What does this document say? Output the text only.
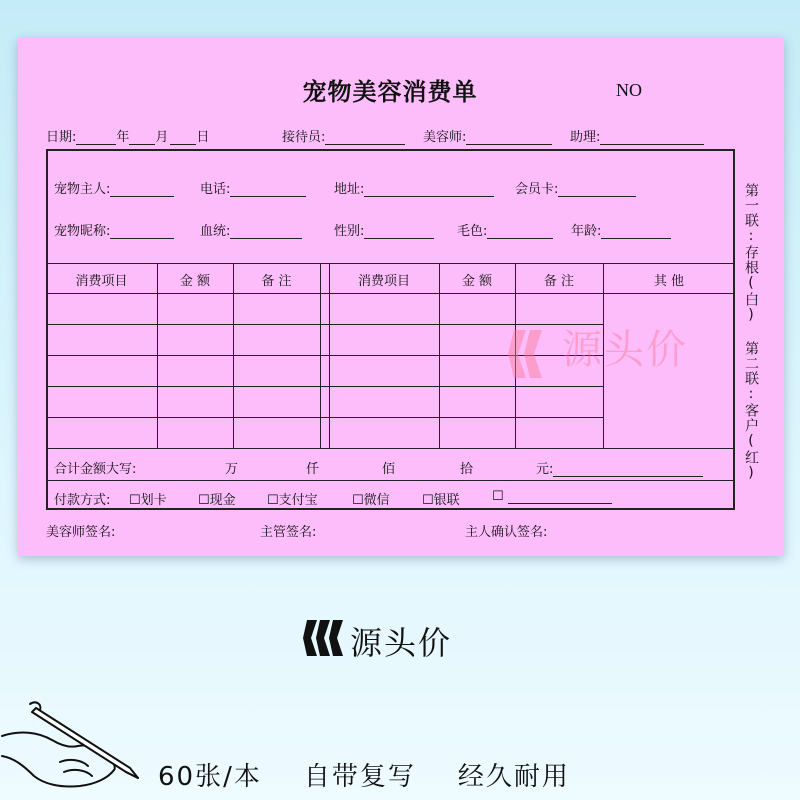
宠物美容消费单	NO
日期:	年 月 日	接待员:	美容师:	助理:
宠物主人:	电话:	地址:	会员卡:
宠物昵称:	血统:	性别:	毛色:	年龄:
消费项目	金 额	备 注	消费项目	金 额	备 注	其 他
源头价
合计金额大写:	万	仟	佰	拾	元:
付款方式: ☐划卡 ☐现金 ☐支付宝	☐微信 ☐银联 ☐
美容师签名:	主管签名:	主人确认签名:
第一联:存根(白) 第二联:客户(红)
源头价
60张/本 自带复写 经久耐用
